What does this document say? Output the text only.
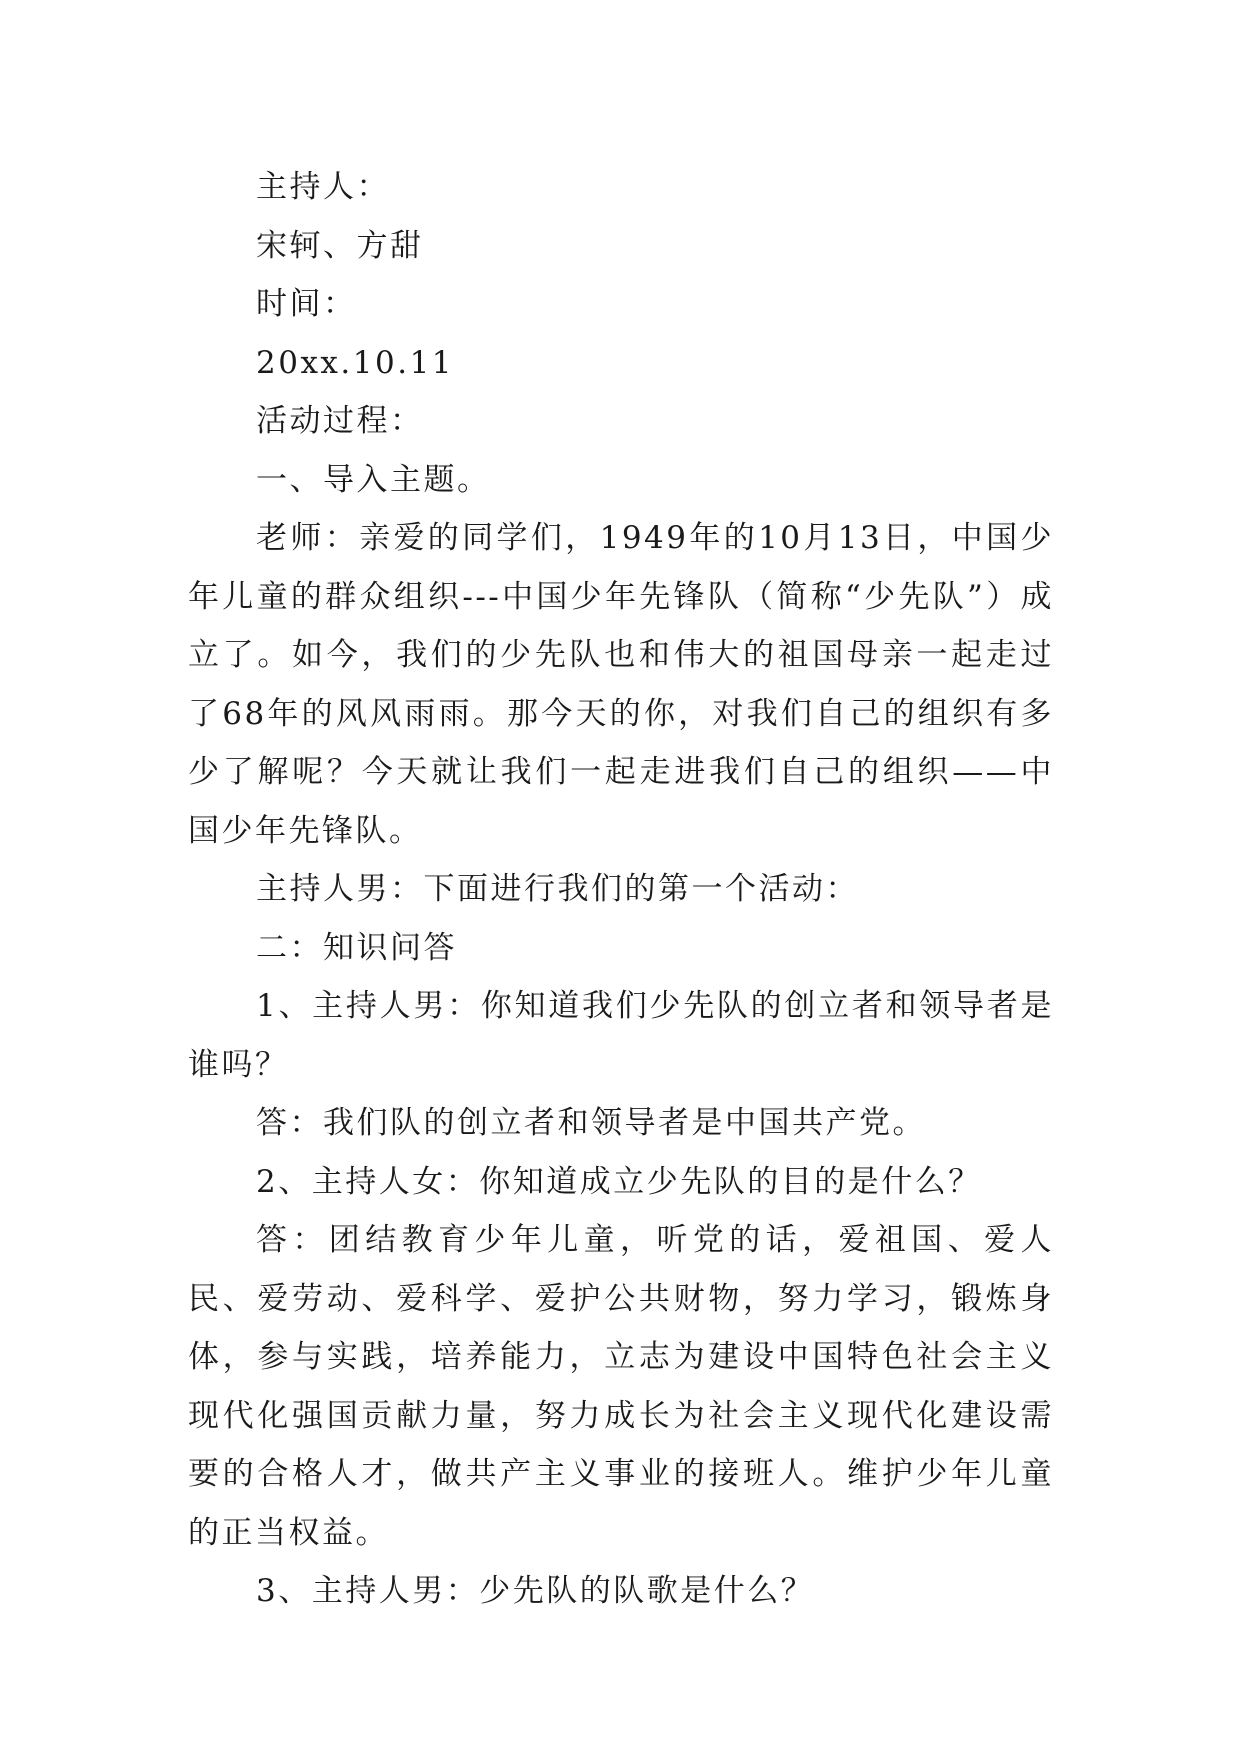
主持人：

宋轲、方甜

时间：

20xx.10.11

活动过程：

一、导入主题。

老师：亲爱的同学们，1949年的10月13日，中国少年儿童的群众组织---中国少年先锋队（简称“少先队”）成立了。如今，我们的少先队也和伟大的祖国母亲一起走过了68年的风风雨雨。那今天的你，对我们自己的组织有多少了解呢？今天就让我们一起走进我们自己的组织——中国少年先锋队。

主持人男：下面进行我们的第一个活动：

二：知识问答

1、主持人男：你知道我们少先队的创立者和领导者是谁吗？

答：我们队的创立者和领导者是中国共产党。

2、主持人女：你知道成立少先队的目的是什么？

答：团结教育少年儿童，听党的话，爱祖国、爱人民、爱劳动、爱科学、爱护公共财物，努力学习，锻炼身体，参与实践，培养能力，立志为建设中国特色社会主义现代化强国贡献力量，努力成长为社会主义现代化建设需要的合格人才，做共产主义事业的接班人。维护少年儿童的正当权益。

3、主持人男：少先队的队歌是什么？
